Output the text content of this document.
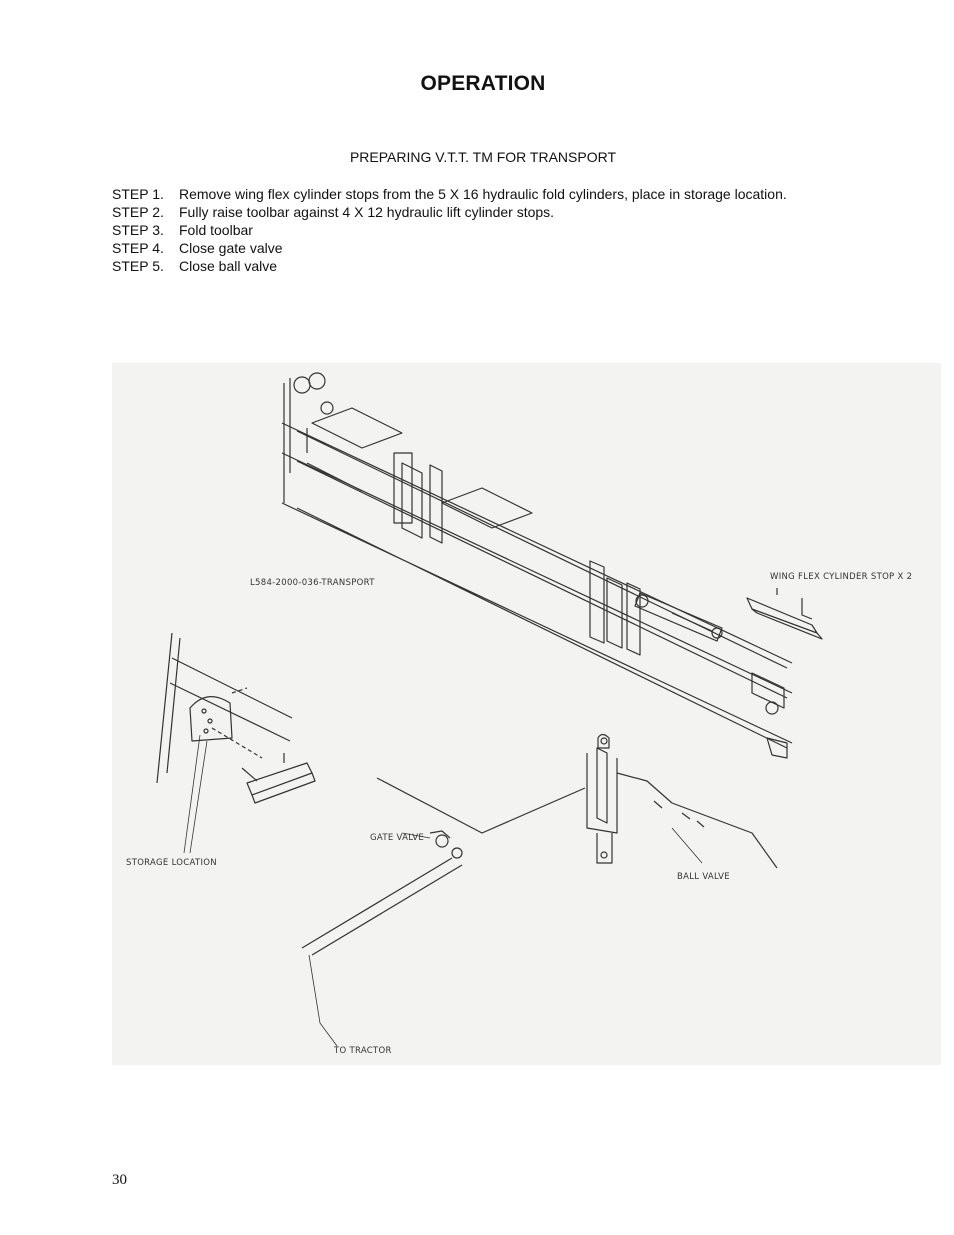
OPERATION
PREPARING V.T.T. TM FOR TRANSPORT
STEP 1. Remove wing flex cylinder stops from the 5 X 16 hydraulic fold cylinders, place in storage location.
STEP 2. Fully raise toolbar against 4 X 12 hydraulic lift cylinder stops.
STEP 3. Fold toolbar
STEP 4. Close gate valve
STEP 5. Close ball valve
L584-2000-036-TRANSPORT
WING FLEX CYLINDER STOP X 2
STORAGE LOCATION
GATE VALVE
BALL VALVE
TO TRACTOR
30
